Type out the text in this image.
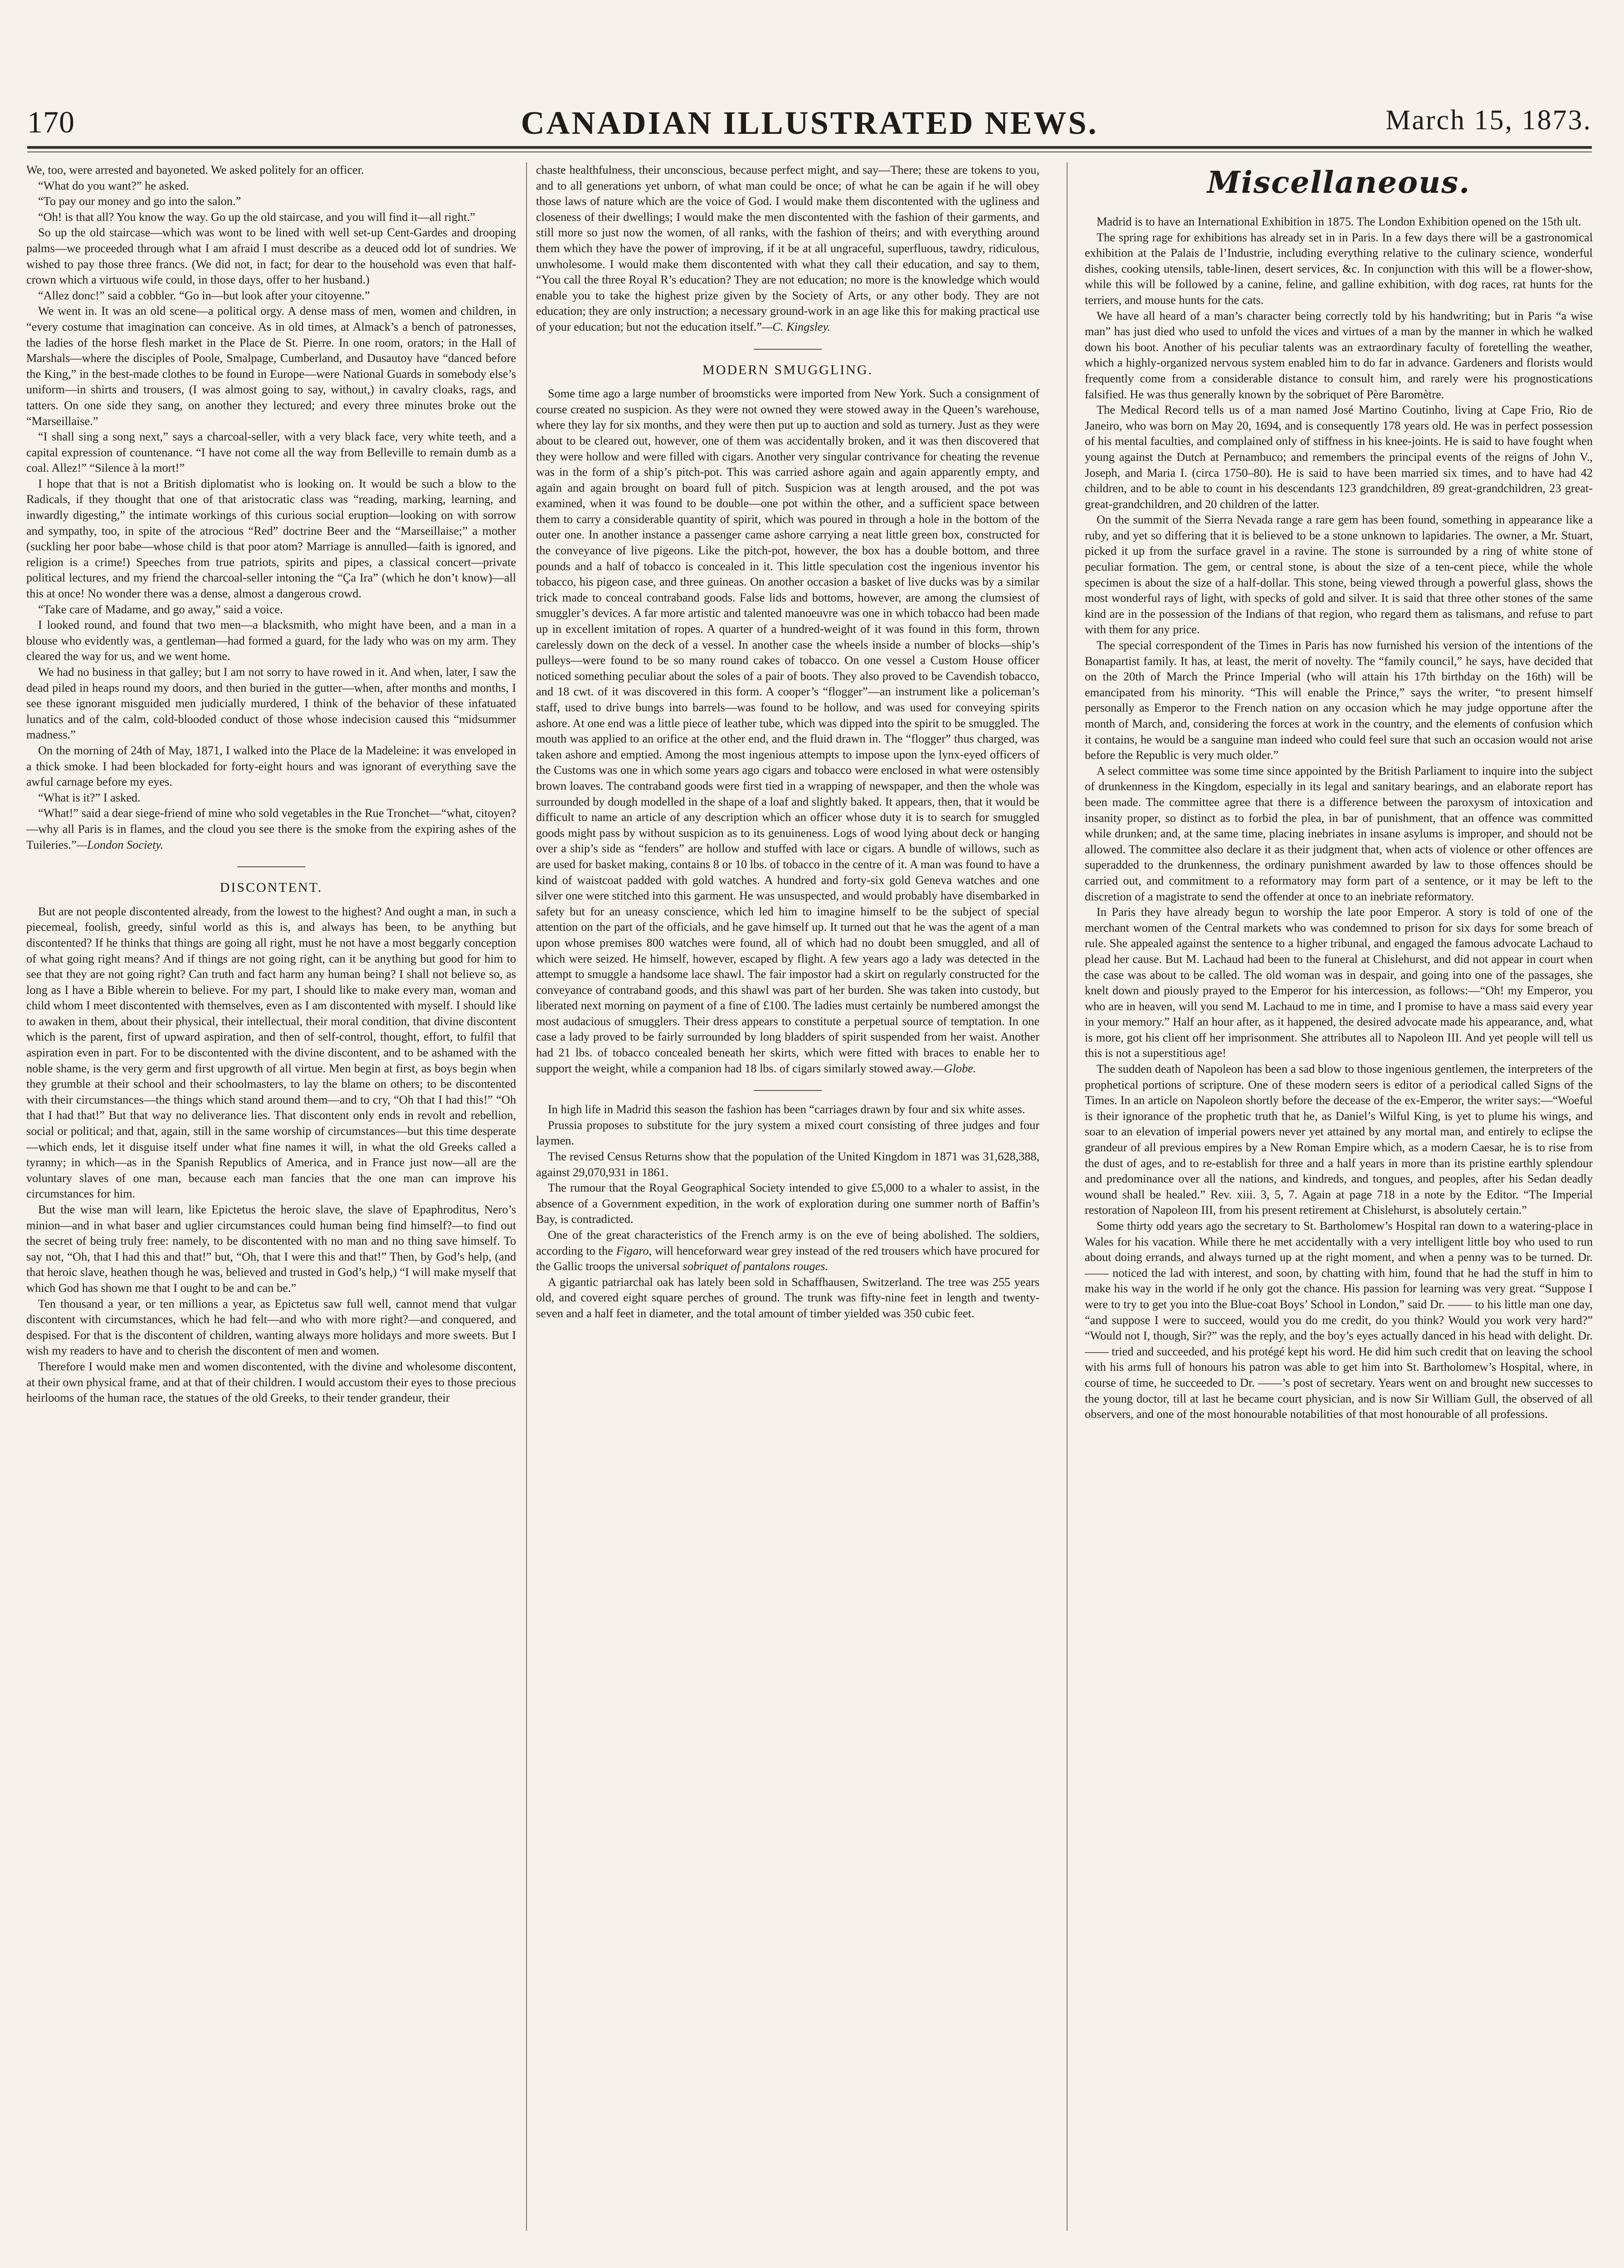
170	CANADIAN ILLUSTRATED NEWS.	March 15, 1873.

We, too, were arrested and bayoneted. We asked politely for an officer.

“What do you want?” he asked.

“To pay our money and go into the salon.”

“Oh! is that all? You know the way. Go up the old staircase, and you will find it—all right.”

So up the old staircase—which was wont to be lined with well set-up Cent-Gardes and drooping palms—we proceeded through what I am afraid I must describe as a deuced odd lot of sundries. We wished to pay those three francs. (We did not, in fact; for dear to the household was even that half-crown which a virtuous wife could, in those days, offer to her husband.)

“Allez donc!” said a cobbler. “Go in—but look after your citoyenne.”

We went in. It was an old scene—a political orgy. A dense mass of men, women and children, in “every costume that imagination can conceive. As in old times, at Almack’s a bench of patronesses, the ladies of the horse flesh market in the Place de St. Pierre. In one room, orators; in the Hall of Marshals—where the disciples of Poole, Smalpage, Cumberland, and Dusautoy have “danced before the King,” in the best-made clothes to be found in Europe—were National Guards in somebody else’s uniform—in shirts and trousers, (I was almost going to say, without,) in cavalry cloaks, rags, and tatters. On one side they sang, on another they lectured; and every three minutes broke out the “Marseillaise.”

“I shall sing a song next,” says a charcoal-seller, with a very black face, very white teeth, and a capital expression of countenance. “I have not come all the way from Belleville to remain dumb as a coal. Allez!” “Silence à la mort!”

I hope that that is not a British diplomatist who is looking on. It would be such a blow to the Radicals, if they thought that one of that aristocratic class was “reading, marking, learning, and inwardly digesting,” the intimate workings of this curious social eruption—looking on with sorrow and sympathy, too, in spite of the atrocious “Red” doctrine Beer and the “Marseillaise;” a mother (suckling her poor babe—whose child is that poor atom? Marriage is annulled—faith is ignored, and religion is a crime!) Speeches from true patriots, spirits and pipes, a classical concert—private political lectures, and my friend the charcoal-seller intoning the “Ça Ira” (which he don’t know)—all this at once! No wonder there was a dense, almost a dangerous crowd.

“Take care of Madame, and go away,” said a voice.

I looked round, and found that two men—a blacksmith, who might have been, and a man in a blouse who evidently was, a gentleman—had formed a guard, for the lady who was on my arm. They cleared the way for us, and we went home.

We had no business in that galley; but I am not sorry to have rowed in it. And when, later, I saw the dead piled in heaps round my doors, and then buried in the gutter—when, after months and months, I see these ignorant misguided men judicially murdered, I think of the behavior of these infatuated lunatics and of the calm, cold-blooded conduct of those whose indecision caused this “midsummer madness.”

On the morning of 24th of May, 1871, I walked into the Place de la Madeleine: it was enveloped in a thick smoke. I had been blockaded for forty-eight hours and was ignorant of everything save the awful carnage before my eyes.

“What is it?” I asked.

“What!” said a dear siege-friend of mine who sold vegetables in the Rue Tronchet—“what, citoyen?—why all Paris is in flames, and the cloud you see there is the smoke from the expiring ashes of the Tuileries.”—London Society.

DISCONTENT.

But are not people discontented already, from the lowest to the highest? And ought a man, in such a piecemeal, foolish, greedy, sinful world as this is, and always has been, to be anything but discontented? If he thinks that things are going all right, must he not have a most beggarly conception of what going right means? And if things are not going right, can it be anything but good for him to see that they are not going right? Can truth and fact harm any human being? I shall not believe so, as long as I have a Bible wherein to believe. For my part, I should like to make every man, woman and child whom I meet discontented with themselves, even as I am discontented with myself. I should like to awaken in them, about their physical, their intellectual, their moral condition, that divine discontent which is the parent, first of upward aspiration, and then of self-control, thought, effort, to fulfil that aspiration even in part. For to be discontented with the divine discontent, and to be ashamed with the noble shame, is the very germ and first upgrowth of all virtue. Men begin at first, as boys begin when they grumble at their school and their schoolmasters, to lay the blame on others; to be discontented with their circumstances—the things which stand around them—and to cry, “Oh that I had this!” “Oh that I had that!” But that way no deliverance lies. That discontent only ends in revolt and rebellion, social or political; and that, again, still in the same worship of circumstances—but this time desperate—which ends, let it disguise itself under what fine names it will, in what the old Greeks called a tyranny; in which—as in the Spanish Republics of America, and in France just now—all are the voluntary slaves of one man, because each man fancies that the one man can improve his circumstances for him.

But the wise man will learn, like Epictetus the heroic slave, the slave of Epaphroditus, Nero’s minion—and in what baser and uglier circumstances could human being find himself?—to find out the secret of being truly free: namely, to be discontented with no man and no thing save himself. To say not, “Oh, that I had this and that!” but, “Oh, that I were this and that!” Then, by God’s help, (and that heroic slave, heathen though he was, believed and trusted in God’s help,) “I will make myself that which God has shown me that I ought to be and can be.”

Ten thousand a year, or ten millions a year, as Epictetus saw full well, cannot mend that vulgar discontent with circumstances, which he had felt—and who with more right?—and conquered, and despised. For that is the discontent of children, wanting always more holidays and more sweets. But I wish my readers to have and to cherish the discontent of men and women.

Therefore I would make men and women discontented, with the divine and wholesome discontent, at their own physical frame, and at that of their children. I would accustom their eyes to those precious heirlooms of the human race, the statues of the old Greeks, to their tender grandeur, their

chaste healthfulness, their unconscious, because perfect might, and say—There; these are tokens to you, and to all generations yet unborn, of what man could be once; of what he can be again if he will obey those laws of nature which are the voice of God. I would make them discontented with the ugliness and closeness of their dwellings; I would make the men discontented with the fashion of their garments, and still more so just now the women, of all ranks, with the fashion of theirs; and with everything around them which they have the power of improving, if it be at all ungraceful, superfluous, tawdry, ridiculous, unwholesome. I would make them discontented with what they call their education, and say to them, “You call the three Royal R’s education? They are not education; no more is the knowledge which would enable you to take the highest prize given by the Society of Arts, or any other body. They are not education; they are only instruction; a necessary ground-work in an age like this for making practical use of your education; but not the education itself.”—C. Kingsley.

MODERN SMUGGLING.

Some time ago a large number of broomsticks were imported from New York. Such a consignment of course created no suspicion. As they were not owned they were stowed away in the Queen’s warehouse, where they lay for six months, and they were then put up to auction and sold as turnery. Just as they were about to be cleared out, however, one of them was accidentally broken, and it was then discovered that they were hollow and were filled with cigars. Another very singular contrivance for cheating the revenue was in the form of a ship’s pitch-pot. This was carried ashore again and again apparently empty, and again and again brought on board full of pitch. Suspicion was at length aroused, and the pot was examined, when it was found to be double—one pot within the other, and a sufficient space between them to carry a considerable quantity of spirit, which was poured in through a hole in the bottom of the outer one. In another instance a passenger came ashore carrying a neat little green box, constructed for the conveyance of live pigeons. Like the pitch-pot, however, the box has a double bottom, and three pounds and a half of tobacco is concealed in it. This little speculation cost the ingenious inventor his tobacco, his pigeon case, and three guineas. On another occasion a basket of live ducks was by a similar trick made to conceal contraband goods. False lids and bottoms, however, are among the clumsiest of smuggler’s devices. A far more artistic and talented manoeuvre was one in which tobacco had been made up in excellent imitation of ropes. A quarter of a hundred-weight of it was found in this form, thrown carelessly down on the deck of a vessel. In another case the wheels inside a number of blocks—ship’s pulleys—were found to be so many round cakes of tobacco. On one vessel a Custom House officer noticed something peculiar about the soles of a pair of boots. They also proved to be Cavendish tobacco, and 18 cwt. of it was discovered in this form. A cooper’s “flogger”—an instrument like a policeman’s staff, used to drive bungs into barrels—was found to be hollow, and was used for conveying spirits ashore. At one end was a little piece of leather tube, which was dipped into the spirit to be smuggled. The mouth was applied to an orifice at the other end, and the fluid drawn in. The “flogger” thus charged, was taken ashore and emptied. Among the most ingenious attempts to impose upon the lynx-eyed officers of the Customs was one in which some years ago cigars and tobacco were enclosed in what were ostensibly brown loaves. The contraband goods were first tied in a wrapping of newspaper, and then the whole was surrounded by dough modelled in the shape of a loaf and slightly baked. It appears, then, that it would be difficult to name an article of any description which an officer whose duty it is to search for smuggled goods might pass by without suspicion as to its genuineness. Logs of wood lying about deck or hanging over a ship’s side as “fenders” are hollow and stuffed with lace or cigars. A bundle of willows, such as are used for basket making, contains 8 or 10 lbs. of tobacco in the centre of it. A man was found to have a kind of waistcoat padded with gold watches. A hundred and forty-six gold Geneva watches and one silver one were stitched into this garment. He was unsuspected, and would probably have disembarked in safety but for an uneasy conscience, which led him to imagine himself to be the subject of special attention on the part of the officials, and he gave himself up. It turned out that he was the agent of a man upon whose premises 800 watches were found, all of which had no doubt been smuggled, and all of which were seized. He himself, however, escaped by flight. A few years ago a lady was detected in the attempt to smuggle a handsome lace shawl. The fair impostor had a skirt on regularly constructed for the conveyance of contraband goods, and this shawl was part of her burden. She was taken into custody, but liberated next morning on payment of a fine of £100. The ladies must certainly be numbered amongst the most audacious of smugglers. Their dress appears to constitute a perpetual source of temptation. In one case a lady proved to be fairly surrounded by long bladders of spirit suspended from her waist. Another had 21 lbs. of tobacco concealed beneath her skirts, which were fitted with braces to enable her to support the weight, while a companion had 18 lbs. of cigars similarly stowed away.—Globe.

In high life in Madrid this season the fashion has been “carriages drawn by four and six white asses.

Prussia proposes to substitute for the jury system a mixed court consisting of three judges and four laymen.

The revised Census Returns show that the population of the United Kingdom in 1871 was 31,628,388, against 29,070,931 in 1861.

The rumour that the Royal Geographical Society intended to give £5,000 to a whaler to assist, in the absence of a Government expedition, in the work of exploration during one summer north of Baffin’s Bay, is contradicted.

One of the great characteristics of the French army is on the eve of being abolished. The soldiers, according to the Figaro, will henceforward wear grey instead of the red trousers which have procured for the Gallic troops the universal sobriquet of pantalons rouges.

A gigantic patriarchal oak has lately been sold in Schaffhausen, Switzerland. The tree was 255 years old, and covered eight square perches of ground. The trunk was fifty-nine feet in length and twenty-seven and a half feet in diameter, and the total amount of timber yielded was 350 cubic feet.

Miscellaneous.

Madrid is to have an International Exhibition in 1875. The London Exhibition opened on the 15th ult.

The spring rage for exhibitions has already set in in Paris. In a few days there will be a gastronomical exhibition at the Palais de l’Industrie, including everything relative to the culinary science, wonderful dishes, cooking utensils, table-linen, desert services, &c. In conjunction with this will be a flower-show, while this will be followed by a canine, feline, and galline exhibition, with dog races, rat hunts for the terriers, and mouse hunts for the cats.

We have all heard of a man’s character being correctly told by his handwriting; but in Paris “a wise man” has just died who used to unfold the vices and virtues of a man by the manner in which he walked down his boot. Another of his peculiar talents was an extraordinary faculty of foretelling the weather, which a highly-organized nervous system enabled him to do far in advance. Gardeners and florists would frequently come from a considerable distance to consult him, and rarely were his prognostications falsified. He was thus generally known by the sobriquet of Père Baromètre.

The Medical Record tells us of a man named José Martino Coutinho, living at Cape Frio, Rio de Janeiro, who was born on May 20, 1694, and is consequently 178 years old. He was in perfect possession of his mental faculties, and complained only of stiffness in his knee-joints. He is said to have fought when young against the Dutch at Pernambuco; and remembers the principal events of the reigns of John V., Joseph, and Maria I. (circa 1750–80). He is said to have been married six times, and to have had 42 children, and to be able to count in his descendants 123 grandchildren, 89 great-grandchildren, 23 great-great-grandchildren, and 20 children of the latter.

On the summit of the Sierra Nevada range a rare gem has been found, something in appearance like a ruby, and yet so differing that it is believed to be a stone unknown to lapidaries. The owner, a Mr. Stuart, picked it up from the surface gravel in a ravine. The stone is surrounded by a ring of white stone of peculiar formation. The gem, or central stone, is about the size of a ten-cent piece, while the whole specimen is about the size of a half-dollar. This stone, being viewed through a powerful glass, shows the most wonderful rays of light, with specks of gold and silver. It is said that three other stones of the same kind are in the possession of the Indians of that region, who regard them as talismans, and refuse to part with them for any price.

The special correspondent of the Times in Paris has now furnished his version of the intentions of the Bonapartist family. It has, at least, the merit of novelty. The “family council,” he says, have decided that on the 20th of March the Prince Imperial (who will attain his 17th birthday on the 16th) will be emancipated from his minority. “This will enable the Prince,” says the writer, “to present himself personally as Emperor to the French nation on any occasion which he may judge opportune after the month of March, and, considering the forces at work in the country, and the elements of confusion which it contains, he would be a sanguine man indeed who could feel sure that such an occasion would not arise before the Republic is very much older.”

A select committee was some time since appointed by the British Parliament to inquire into the subject of drunkenness in the Kingdom, especially in its legal and sanitary bearings, and an elaborate report has been made. The committee agree that there is a difference between the paroxysm of intoxication and insanity proper, so distinct as to forbid the plea, in bar of punishment, that an offence was committed while drunken; and, at the same time, placing inebriates in insane asylums is improper, and should not be allowed. The committee also declare it as their judgment that, when acts of violence or other offences are superadded to the drunkenness, the ordinary punishment awarded by law to those offences should be carried out, and commitment to a reformatory may form part of a sentence, or it may be left to the discretion of a magistrate to send the offender at once to an inebriate reformatory.

In Paris they have already begun to worship the late poor Emperor. A story is told of one of the merchant women of the Central markets who was condemned to prison for six days for some breach of rule. She appealed against the sentence to a higher tribunal, and engaged the famous advocate Lachaud to plead her cause. But M. Lachaud had been to the funeral at Chislehurst, and did not appear in court when the case was about to be called. The old woman was in despair, and going into one of the passages, she knelt down and piously prayed to the Emperor for his intercession, as follows:—“Oh! my Emperor, you who are in heaven, will you send M. Lachaud to me in time, and I promise to have a mass said every year in your memory.” Half an hour after, as it happened, the desired advocate made his appearance, and, what is more, got his client off her imprisonment. She attributes all to Napoleon III. And yet people will tell us this is not a superstitious age!

The sudden death of Napoleon has been a sad blow to those ingenious gentlemen, the interpreters of the prophetical portions of scripture. One of these modern seers is editor of a periodical called Signs of the Times. In an article on Napoleon shortly before the decease of the ex-Emperor, the writer says:—“Woeful is their ignorance of the prophetic truth that he, as Daniel’s Wilful King, is yet to plume his wings, and soar to an elevation of imperial powers never yet attained by any mortal man, and entirely to eclipse the grandeur of all previous empires by a New Roman Empire which, as a modern Caesar, he is to rise from the dust of ages, and to re-establish for three and a half years in more than its pristine earthly splendour and predominance over all the nations, and kindreds, and tongues, and peoples, after his Sedan deadly wound shall be healed.” Rev. xiii. 3, 5, 7. Again at page 718 in a note by the Editor. “The Imperial restoration of Napoleon III, from his present retirement at Chislehurst, is absolutely certain.”

Some thirty odd years ago the secretary to St. Bartholomew’s Hospital ran down to a watering-place in Wales for his vacation. While there he met accidentally with a very intelligent little boy who used to run about doing errands, and always turned up at the right moment, and when a penny was to be turned. Dr. —— noticed the lad with interest, and soon, by chatting with him, found that he had the stuff in him to make his way in the world if he only got the chance. His passion for learning was very great. “Suppose I were to try to get you into the Blue-coat Boys’ School in London,” said Dr. —— to his little man one day, “and suppose I were to succeed, would you do me credit, do you think? Would you work very hard?” “Would not I, though, Sir?” was the reply, and the boy’s eyes actually danced in his head with delight. Dr. —— tried and succeeded, and his protégé kept his word. He did him such credit that on leaving the school with his arms full of honours his patron was able to get him into St. Bartholomew’s Hospital, where, in course of time, he succeeded to Dr. ——’s post of secretary. Years went on and brought new successes to the young doctor, till at last he became court physician, and is now Sir William Gull, the observed of all observers, and one of the most honourable notabilities of that most honourable of all professions.
